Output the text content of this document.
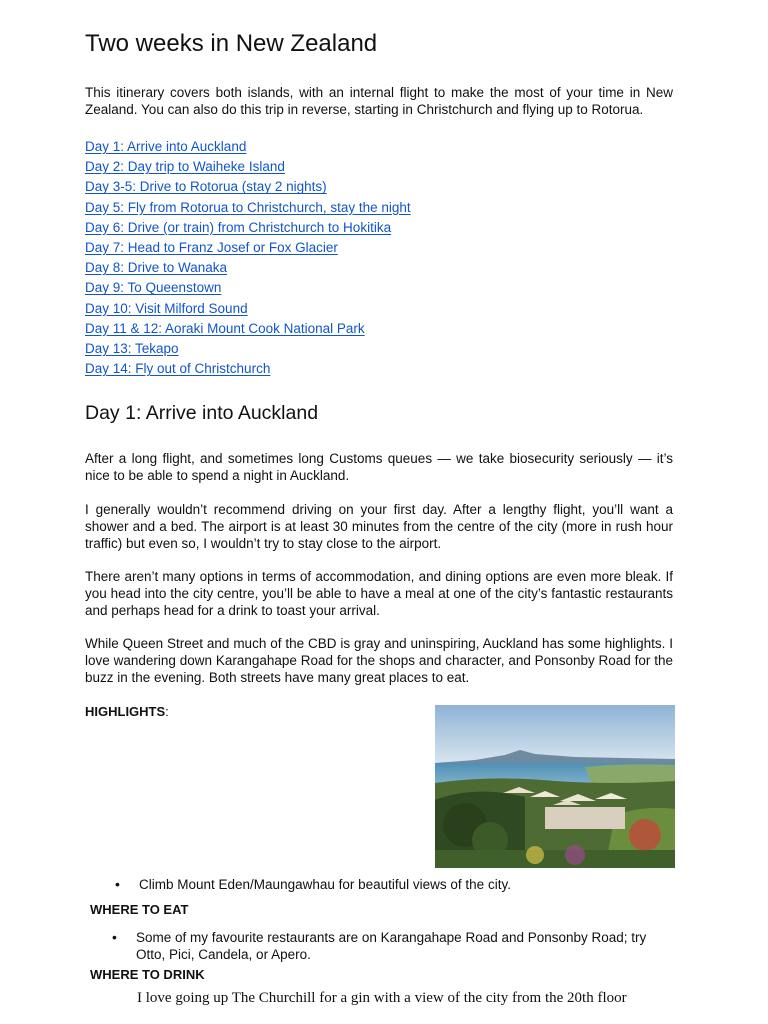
Two weeks in New Zealand

This itinerary covers both islands, with an internal flight to make the most of your time in New Zealand. You can also do this trip in reverse, starting in Christchurch and flying up to Rotorua.

Day 1: Arrive into Auckland
Day 2: Day trip to Waiheke Island
Day 3-5: Drive to Rotorua (stay 2 nights)
Day 5: Fly from Rotorua to Christchurch, stay the night
Day 6: Drive (or train) from Christchurch to Hokitika
Day 7: Head to Franz Josef or Fox Glacier
Day 8: Drive to Wanaka
Day 9: To Queenstown
Day 10: Visit Milford Sound
Day 11 & 12: Aoraki Mount Cook National Park
Day 13: Tekapo
Day 14: Fly out of Christchurch
Day 1: Arrive into Auckland

After a long flight, and sometimes long Customs queues — we take biosecurity seriously — it’s nice to be able to spend a night in Auckland.

I generally wouldn’t recommend driving on your first day. After a lengthy flight, you’ll want a shower and a bed. The airport is at least 30 minutes from the centre of the city (more in rush hour traffic) but even so, I wouldn’t try to stay close to the airport.

There aren’t many options in terms of accommodation, and dining options are even more bleak. If you head into the city centre, you’ll be able to have a meal at one of the city’s fantastic restaurants and perhaps head for a drink to toast your arrival.

While Queen Street and much of the CBD is gray and uninspiring, Auckland has some highlights. I love wandering down Karangahape Road for the shops and character, and Ponsonby Road for the buzz in the evening. Both streets have many great places to eat.

HIGHLIGHTS:

• Climb Mount Eden/Maungawhau for beautiful views of the city.

WHERE TO EAT

• Some of my favourite restaurants are on Karangahape Road and Ponsonby Road; try Otto, Pici, Candela, or Apero.

WHERE TO DRINK

I love going up The Churchill for a gin with a view of the city from the 20th floor
